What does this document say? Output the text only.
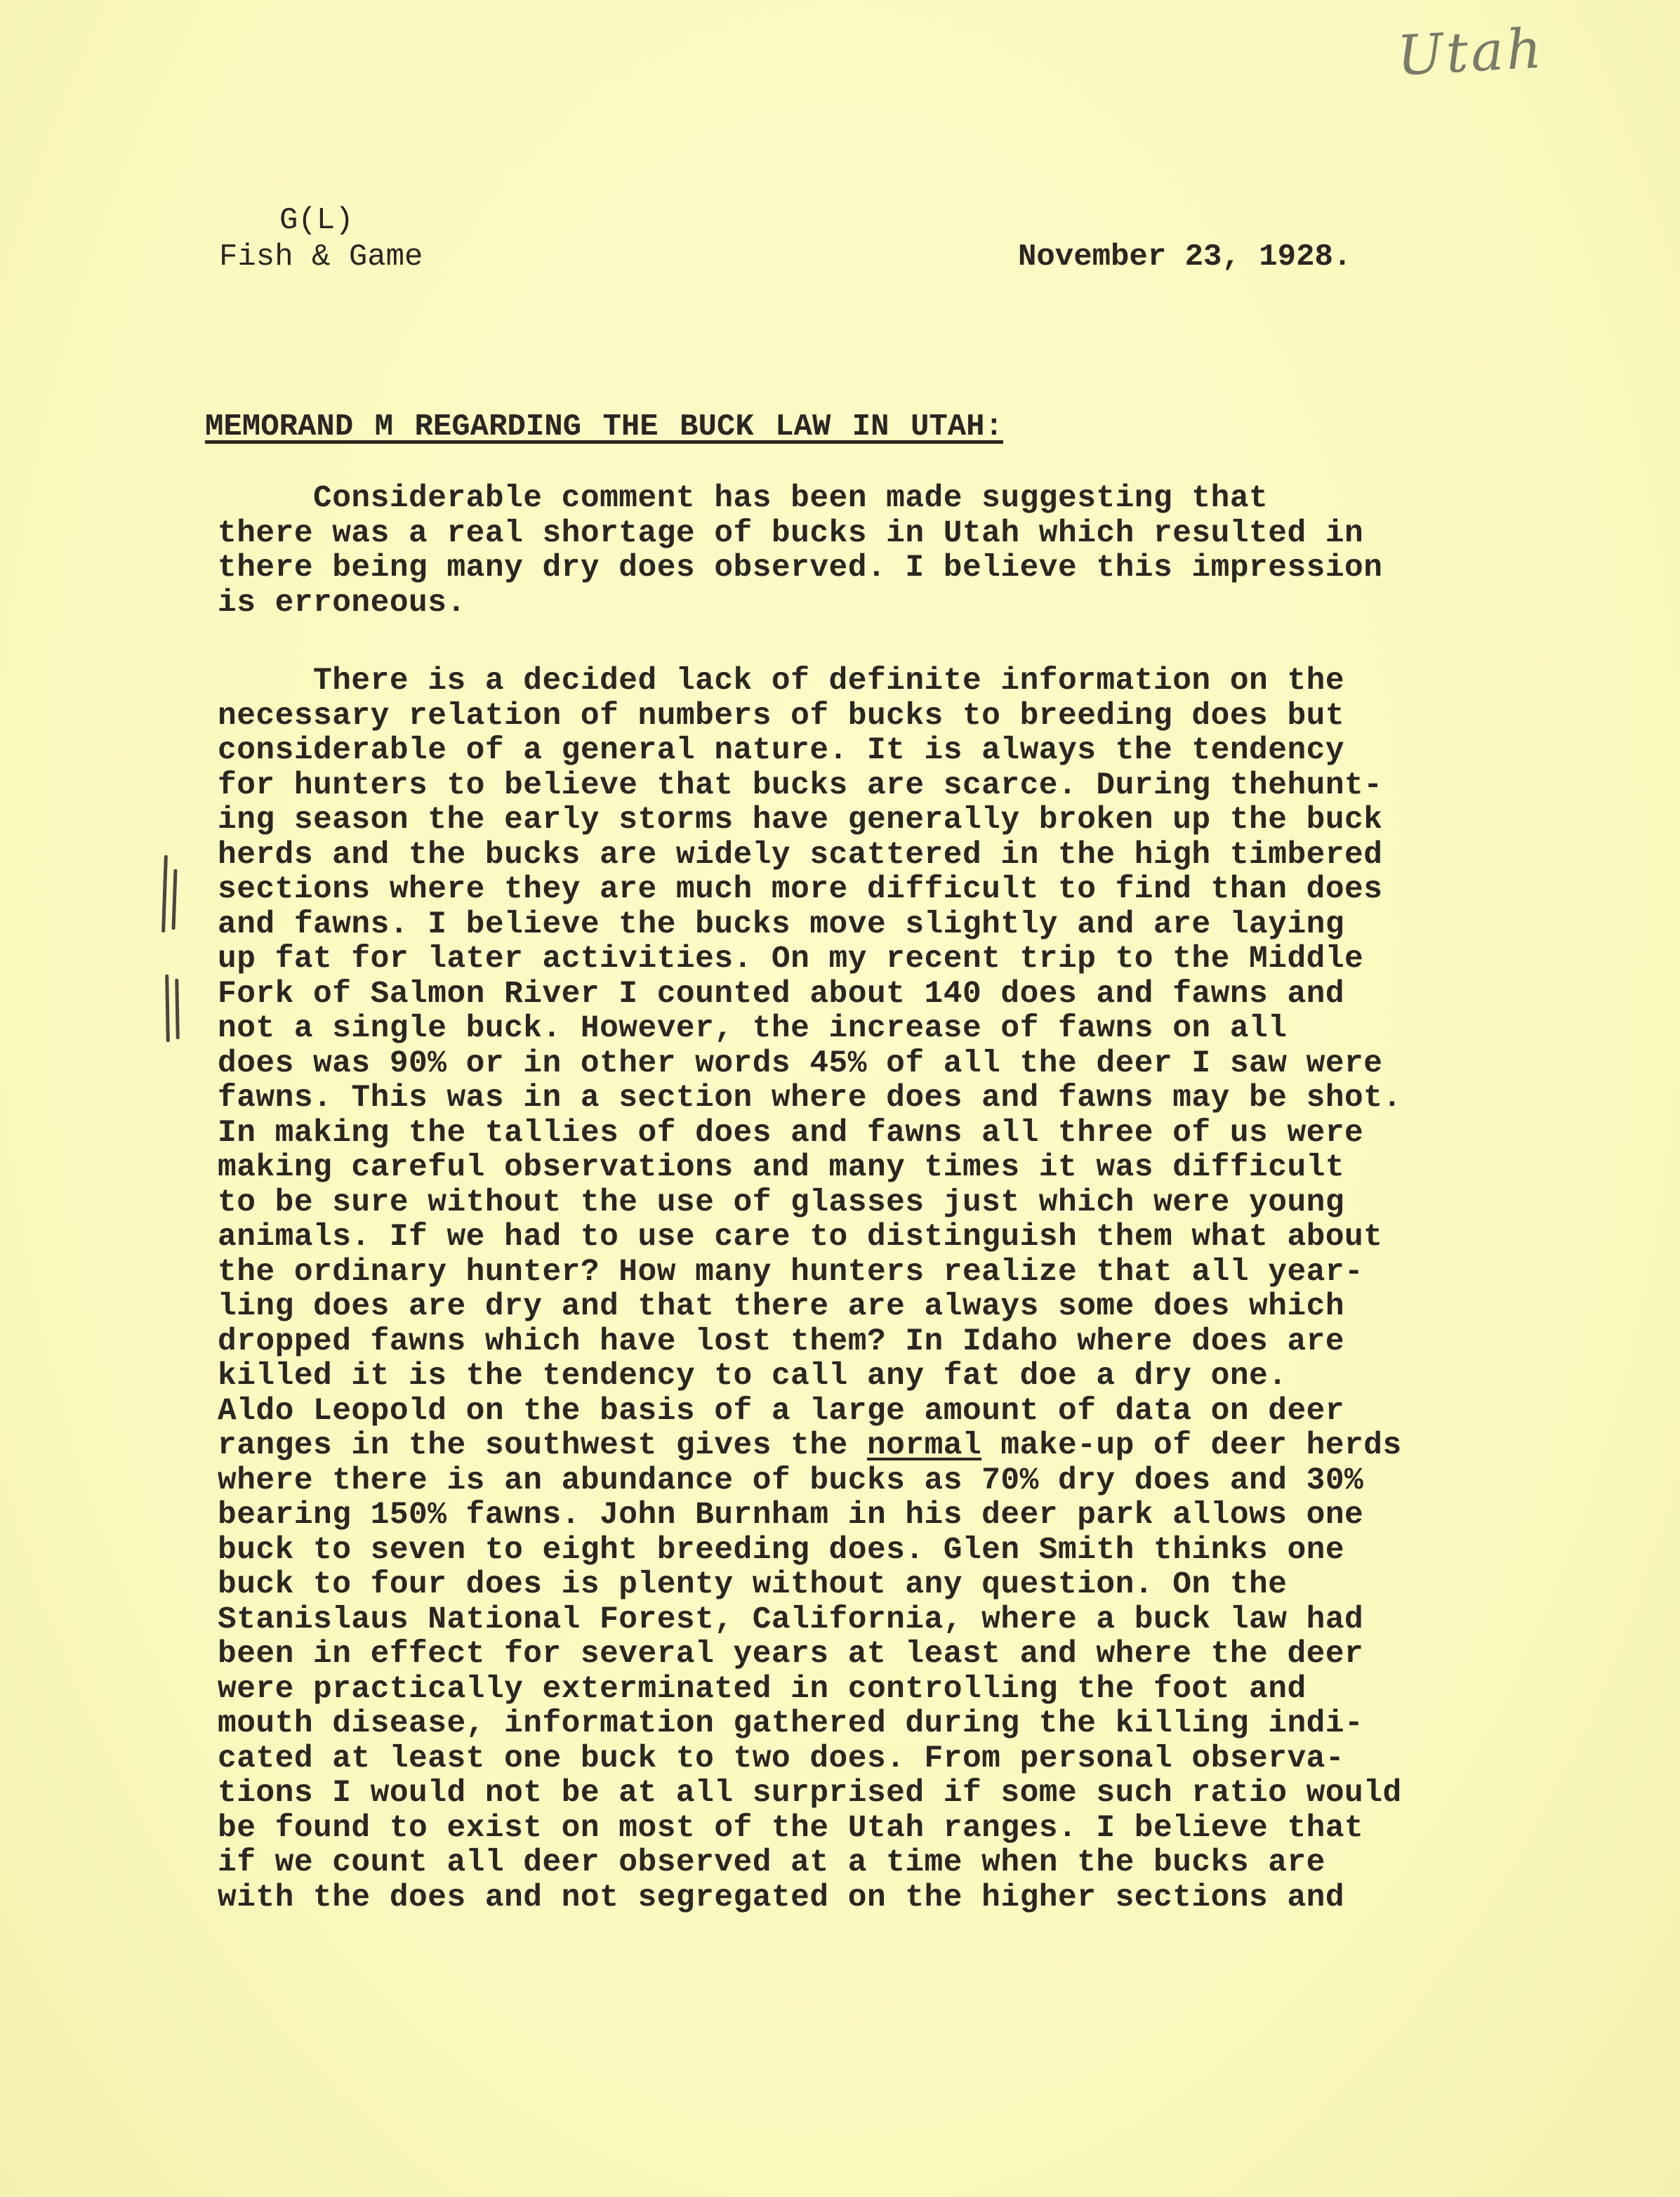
Utah
G(L)
Fish & Game	November 23, 1928.
MEMORAND M REGARDING THE BUCK LAW IN UTAH:
Considerable comment has been made suggesting that
there was a real shortage of bucks in Utah which resulted in
there being many dry does observed. I believe this impression
is erroneous.
There is a decided lack of definite information on the
necessary relation of numbers of bucks to breeding does but
considerable of a general nature. It is always the tendency
for hunters to believe that bucks are scarce. During thehunt-
ing season the early storms have generally broken up the buck
herds and the bucks are widely scattered in the high timbered
sections where they are much more difficult to find than does
and fawns. I believe the bucks move slightly and are laying
up fat for later activities. On my recent trip to the Middle
Fork of Salmon River I counted about 140 does and fawns and
not a single buck. However, the increase of fawns on all
does was 90% or in other words 45% of all the deer I saw were
fawns. This was in a section where does and fawns may be shot.
In making the tallies of does and fawns all three of us were
making careful observations and many times it was difficult
to be sure without the use of glasses just which were young
animals. If we had to use care to distinguish them what about
the ordinary hunter? How many hunters realize that all year-
ling does are dry and that there are always some does which
dropped fawns which have lost them? In Idaho where does are
killed it is the tendency to call any fat doe a dry one.
Aldo Leopold on the basis of a large amount of data on deer
ranges in the southwest gives the normal make-up of deer herds
where there is an abundance of bucks as 70% dry does and 30%
bearing 150% fawns. John Burnham in his deer park allows one
buck to seven to eight breeding does. Glen Smith thinks one
buck to four does is plenty without any question. On the
Stanislaus National Forest, California, where a buck law had
been in effect for several years at least and where the deer
were practically exterminated in controlling the foot and
mouth disease, information gathered during the killing indi-
cated at least one buck to two does. From personal observa-
tions I would not be at all surprised if some such ratio would
be found to exist on most of the Utah ranges. I believe that
if we count all deer observed at a time when the bucks are
with the does and not segregated on the higher sections and
